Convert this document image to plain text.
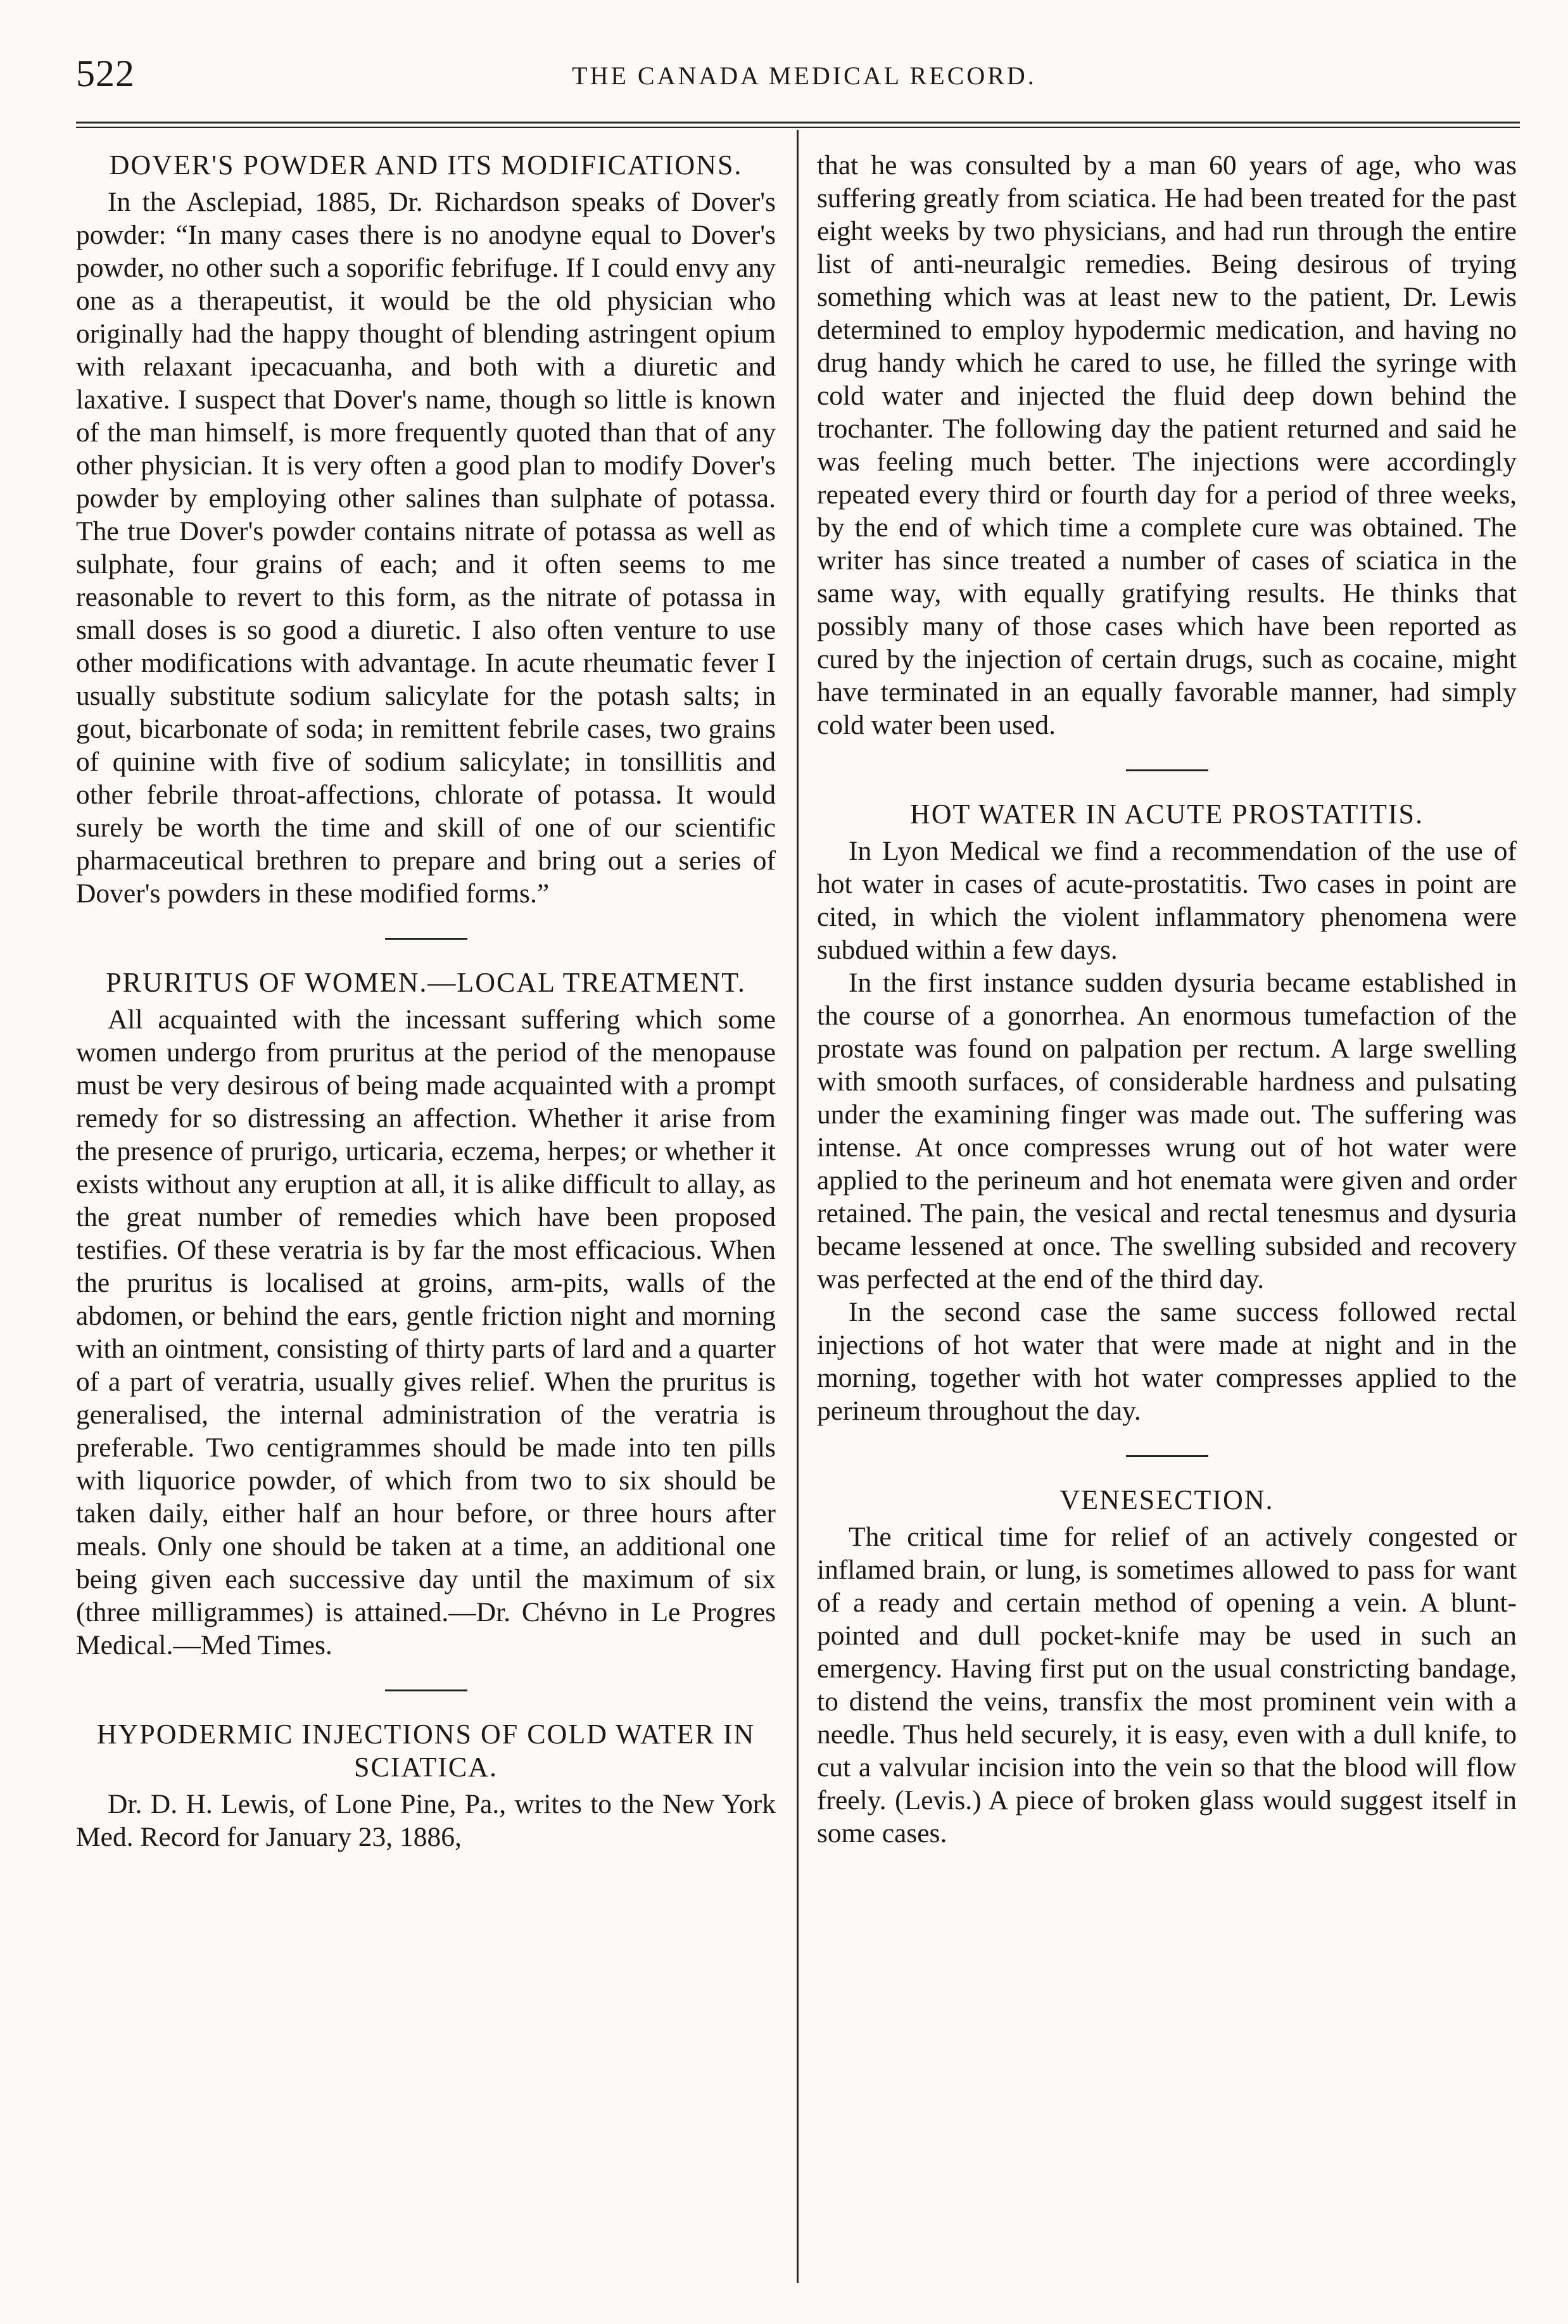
522	THE CANADA MEDICAL RECORD.
DOVER'S POWDER AND ITS MODIFICATIONS.

In the Asclepiad, 1885, Dr. Richardson speaks of Dover's powder: “In many cases there is no anodyne equal to Dover's powder, no other such a soporific febrifuge. If I could envy any one as a therapeutist, it would be the old physician who originally had the happy thought of blending astringent opium with relaxant ipecacuanha, and both with a diuretic and laxative. I suspect that Dover's name, though so little is known of the man himself, is more frequently quoted than that of any other physician. It is very often a good plan to modify Dover's powder by employing other salines than sulphate of potassa. The true Dover's powder contains nitrate of potassa as well as sulphate, four grains of each; and it often seems to me reasonable to revert to this form, as the nitrate of potassa in small doses is so good a diuretic. I also often venture to use other modifications with advantage. In acute rheumatic fever I usually substitute sodium salicylate for the potash salts; in gout, bicarbonate of soda; in remittent febrile cases, two grains of quinine with five of sodium salicylate; in tonsillitis and other febrile throat-affections, chlorate of potassa. It would surely be worth the time and skill of one of our scientific pharmaceutical brethren to prepare and bring out a series of Dover's powders in these modified forms.”

PRURITUS OF WOMEN.—LOCAL TREATMENT.

All acquainted with the incessant suffering which some women undergo from pruritus at the period of the menopause must be very desirous of being made acquainted with a prompt remedy for so distressing an affection. Whether it arise from the presence of prurigo, urticaria, eczema, herpes; or whether it exists without any eruption at all, it is alike difficult to allay, as the great number of remedies which have been proposed testifies. Of these veratria is by far the most efficacious. When the pruritus is localised at groins, arm-pits, walls of the abdomen, or behind the ears, gentle friction night and morning with an ointment, consisting of thirty parts of lard and a quarter of a part of veratria, usually gives relief. When the pruritus is generalised, the internal administration of the veratria is preferable. Two centigrammes should be made into ten pills with liquorice powder, of which from two to six should be taken daily, either half an hour before, or three hours after meals. Only one should be taken at a time, an additional one being given each successive day until the maximum of six (three milligrammes) is attained.—Dr. Chévno in Le Progres Medical.—Med Times.

HYPODERMIC INJECTIONS OF COLD WATER IN SCIATICA.

Dr. D. H. Lewis, of Lone Pine, Pa., writes to the New York Med. Record for January 23, 1886,

that he was consulted by a man 60 years of age, who was suffering greatly from sciatica. He had been treated for the past eight weeks by two physicians, and had run through the entire list of anti-neuralgic remedies. Being desirous of trying something which was at least new to the patient, Dr. Lewis determined to employ hypodermic medication, and having no drug handy which he cared to use, he filled the syringe with cold water and injected the fluid deep down behind the trochanter. The following day the patient returned and said he was feeling much better. The injections were accordingly repeated every third or fourth day for a period of three weeks, by the end of which time a complete cure was obtained. The writer has since treated a number of cases of sciatica in the same way, with equally gratifying results. He thinks that possibly many of those cases which have been reported as cured by the injection of certain drugs, such as cocaine, might have terminated in an equally favorable manner, had simply cold water been used.

HOT WATER IN ACUTE PROSTATITIS.

In Lyon Medical we find a recommendation of the use of hot water in cases of acute-prostatitis. Two cases in point are cited, in which the violent inflammatory phenomena were subdued within a few days.

In the first instance sudden dysuria became established in the course of a gonorrhea. An enormous tumefaction of the prostate was found on palpation per rectum. A large swelling with smooth surfaces, of considerable hardness and pulsating under the examining finger was made out. The suffering was intense. At once compresses wrung out of hot water were applied to the perineum and hot enemata were given and order retained. The pain, the vesical and rectal tenesmus and dysuria became lessened at once. The swelling subsided and recovery was perfected at the end of the third day.

In the second case the same success followed rectal injections of hot water that were made at night and in the morning, together with hot water compresses applied to the perineum throughout the day.

VENESECTION.

The critical time for relief of an actively congested or inflamed brain, or lung, is sometimes allowed to pass for want of a ready and certain method of opening a vein. A blunt-pointed and dull pocket-knife may be used in such an emergency. Having first put on the usual constricting bandage, to distend the veins, transfix the most prominent vein with a needle. Thus held securely, it is easy, even with a dull knife, to cut a valvular incision into the vein so that the blood will flow freely. (Levis.) A piece of broken glass would suggest itself in some cases.
